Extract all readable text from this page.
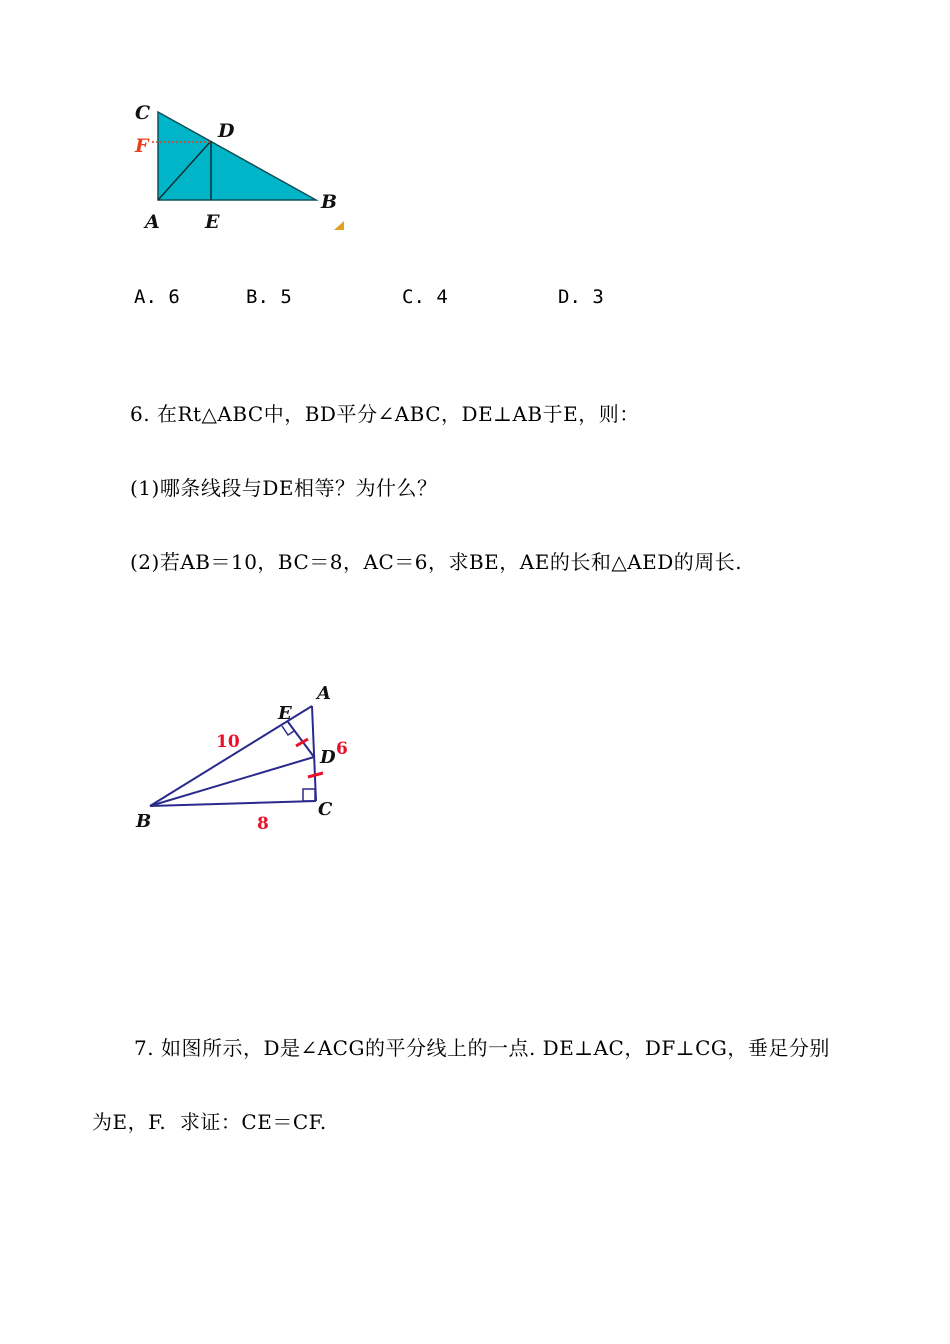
C
D
F
A E
B
A. 6	B. 5	C. 4	D. 3
6. 在Rt△ABC中，BD平分∠ABC，DE⊥AB于E，则：
(1)哪条线段与DE相等？为什么？
(2)若AB＝10，BC＝8，AC＝6，求BE，AE的长和△AED的周长.
A
E
D
B
C
10	6
8
7. 如图所示，D是∠ACG的平分线上的一点. DE⊥AC，DF⊥CG，垂足分别
为E，F.  求证：CE＝CF.
